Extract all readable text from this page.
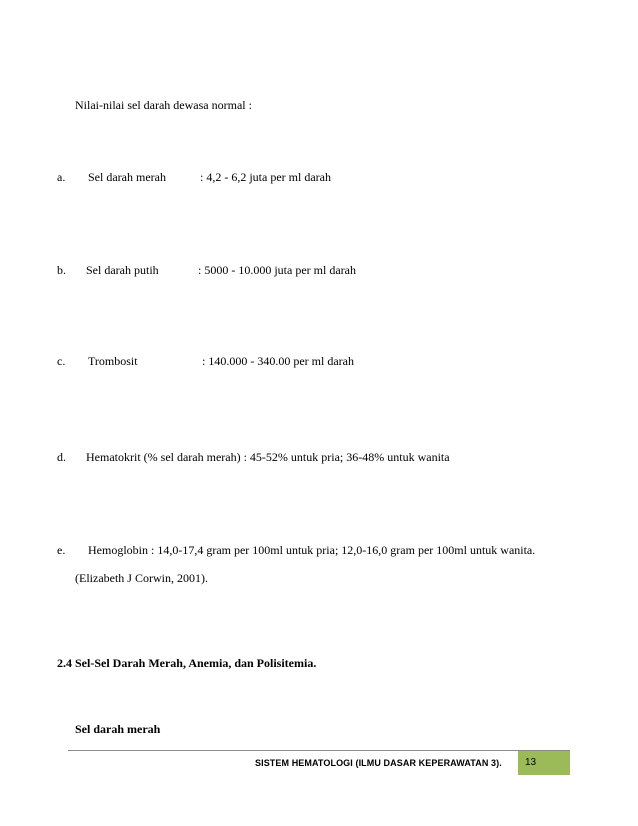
Nilai-nilai sel darah dewasa normal :
a. Sel darah merah	: 4,2 - 6,2 juta per ml darah
b. Sel darah putih	: 5000 - 10.000 juta per ml darah
c. Trombosit	: 140.000 - 340.00 per ml darah
d. Hematokrit (% sel darah merah) : 45-52% untuk pria; 36-48% untuk wanita
e. Hemoglobin : 14,0-17,4 gram per 100ml untuk pria; 12,0-16,0 gram per 100ml untuk wanita.
(Elizabeth J Corwin, 2001).
2.4 Sel-Sel Darah Merah, Anemia, dan Polisitemia.
Sel darah merah
SISTEM HEMATOLOGI (ILMU DASAR KEPERAWATAN 3). 13
